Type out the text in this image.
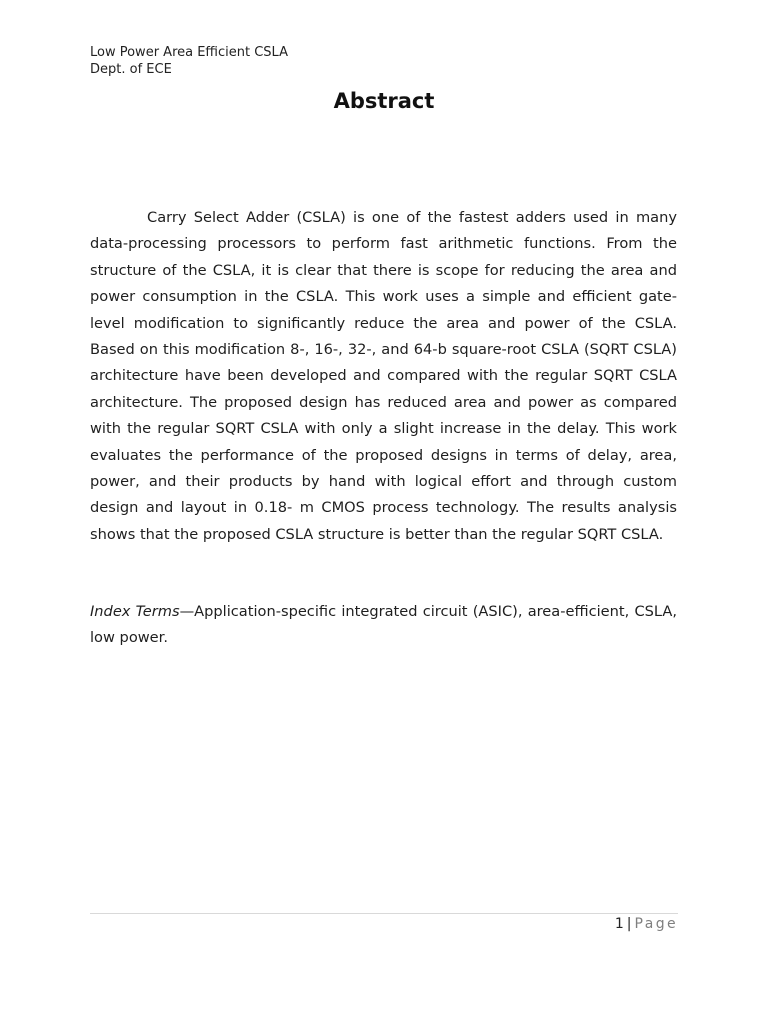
Low Power Area Efficient CSLA
Dept. of ECE
Abstract

Carry Select Adder (CSLA) is one of the fastest adders used in many data-processing processors to perform fast arithmetic functions. From the structure of the CSLA, it is clear that there is scope for reducing the area and power consumption in the CSLA. This work uses a simple and efficient gate-level modification to significantly reduce the area and power of the CSLA. Based on this modification 8-, 16-, 32-, and 64-b square-root CSLA (SQRT CSLA) architecture have been developed and compared with the regular SQRT CSLA architecture. The proposed design has reduced area and power as compared with the regular SQRT CSLA with only a slight increase in the delay. This work evaluates the performance of the proposed designs in terms of delay, area, power, and their products by hand with logical effort and through custom design and layout in 0.18- m CMOS process technology. The results analysis shows that the proposed CSLA structure is better than the regular SQRT CSLA.

Index Terms—Application-specific integrated circuit (ASIC), area-efficient, CSLA, low power.

1 | Page
